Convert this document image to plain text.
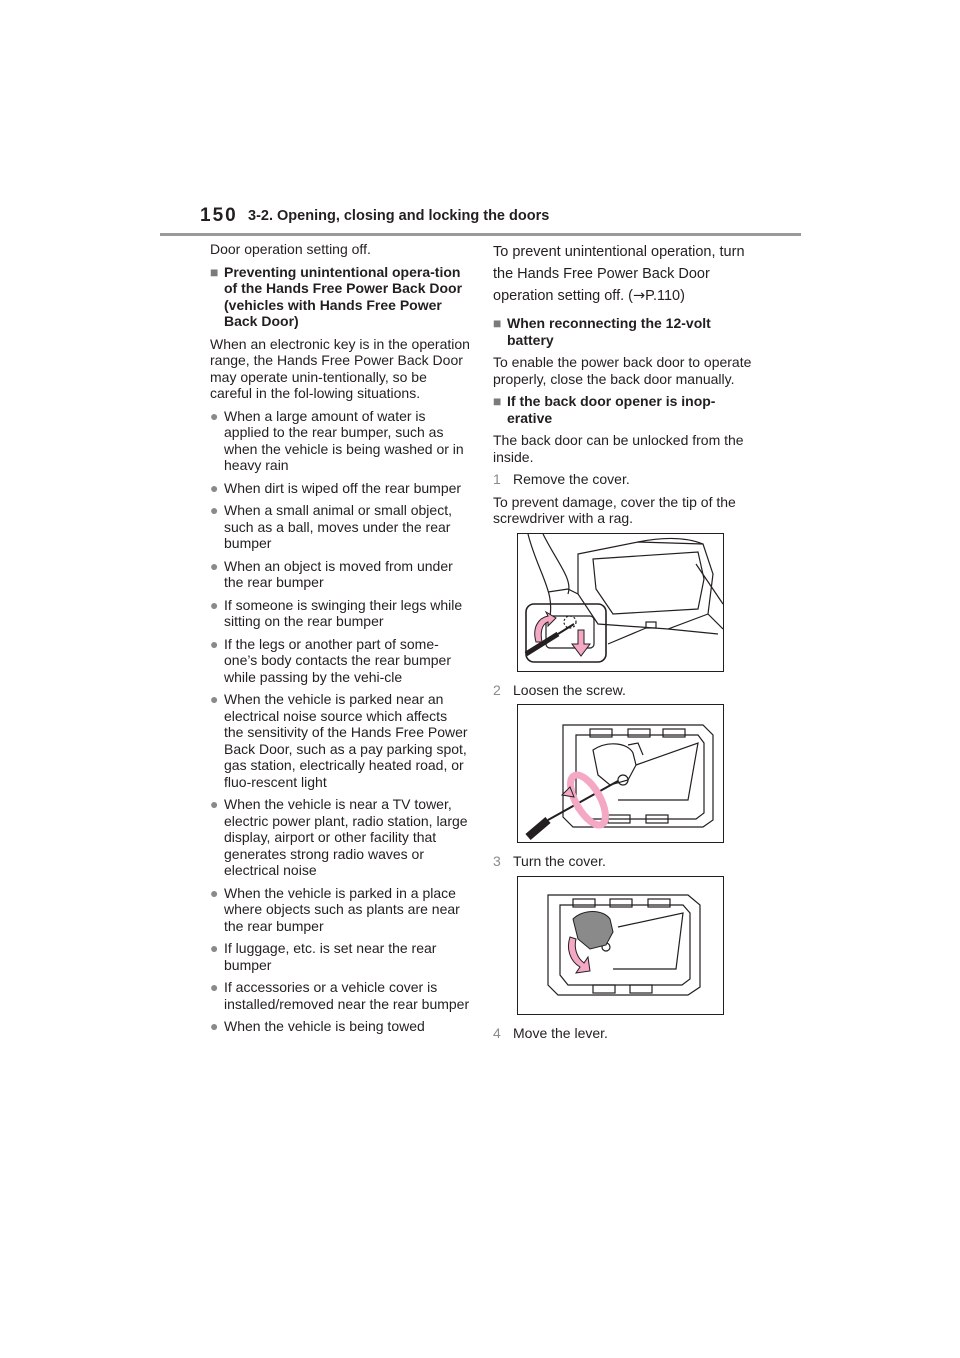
150 3-2. Opening, closing and locking the doors

Door operation setting off.

■ Preventing unintentional opera-tion of the Hands Free Power Back Door (vehicles with Hands Free Power Back Door)

When an electronic key is in the operation range, the Hands Free Power Back Door may operate unin-tentionally, so be careful in the fol-lowing situations.

● When a large amount of water is applied to the rear bumper, such as when the vehicle is being washed or in heavy rain
● When dirt is wiped off the rear bumper
● When a small animal or small object, such as a ball, moves under the rear bumper
● When an object is moved from under the rear bumper
● If someone is swinging their legs while sitting on the rear bumper
● If the legs or another part of some-one’s body contacts the rear bumper while passing by the vehi-cle
● When the vehicle is parked near an electrical noise source which affects the sensitivity of the Hands Free Power Back Door, such as a pay parking spot, gas station, electrically heated road, or fluo-rescent light
● When the vehicle is near a TV tower, electric power plant, radio station, large display, airport or other facility that generates strong radio waves or electrical noise
● When the vehicle is parked in a place where objects such as plants are near the rear bumper
● If luggage, etc. is set near the rear bumper
● If accessories or a vehicle cover is installed/removed near the rear bumper
● When the vehicle is being towed

To prevent unintentional operation, turn the Hands Free Power Back Door operation setting off. (→P.110)

■ When reconnecting the 12-volt battery

To enable the power back door to operate properly, close the back door manually.

■ If the back door opener is inop-erative

The back door can be unlocked from the inside.

1 Remove the cover.

To prevent damage, cover the tip of the screwdriver with a rag.

2 Loosen the screw.
3 Turn the cover.
4 Move the lever.
